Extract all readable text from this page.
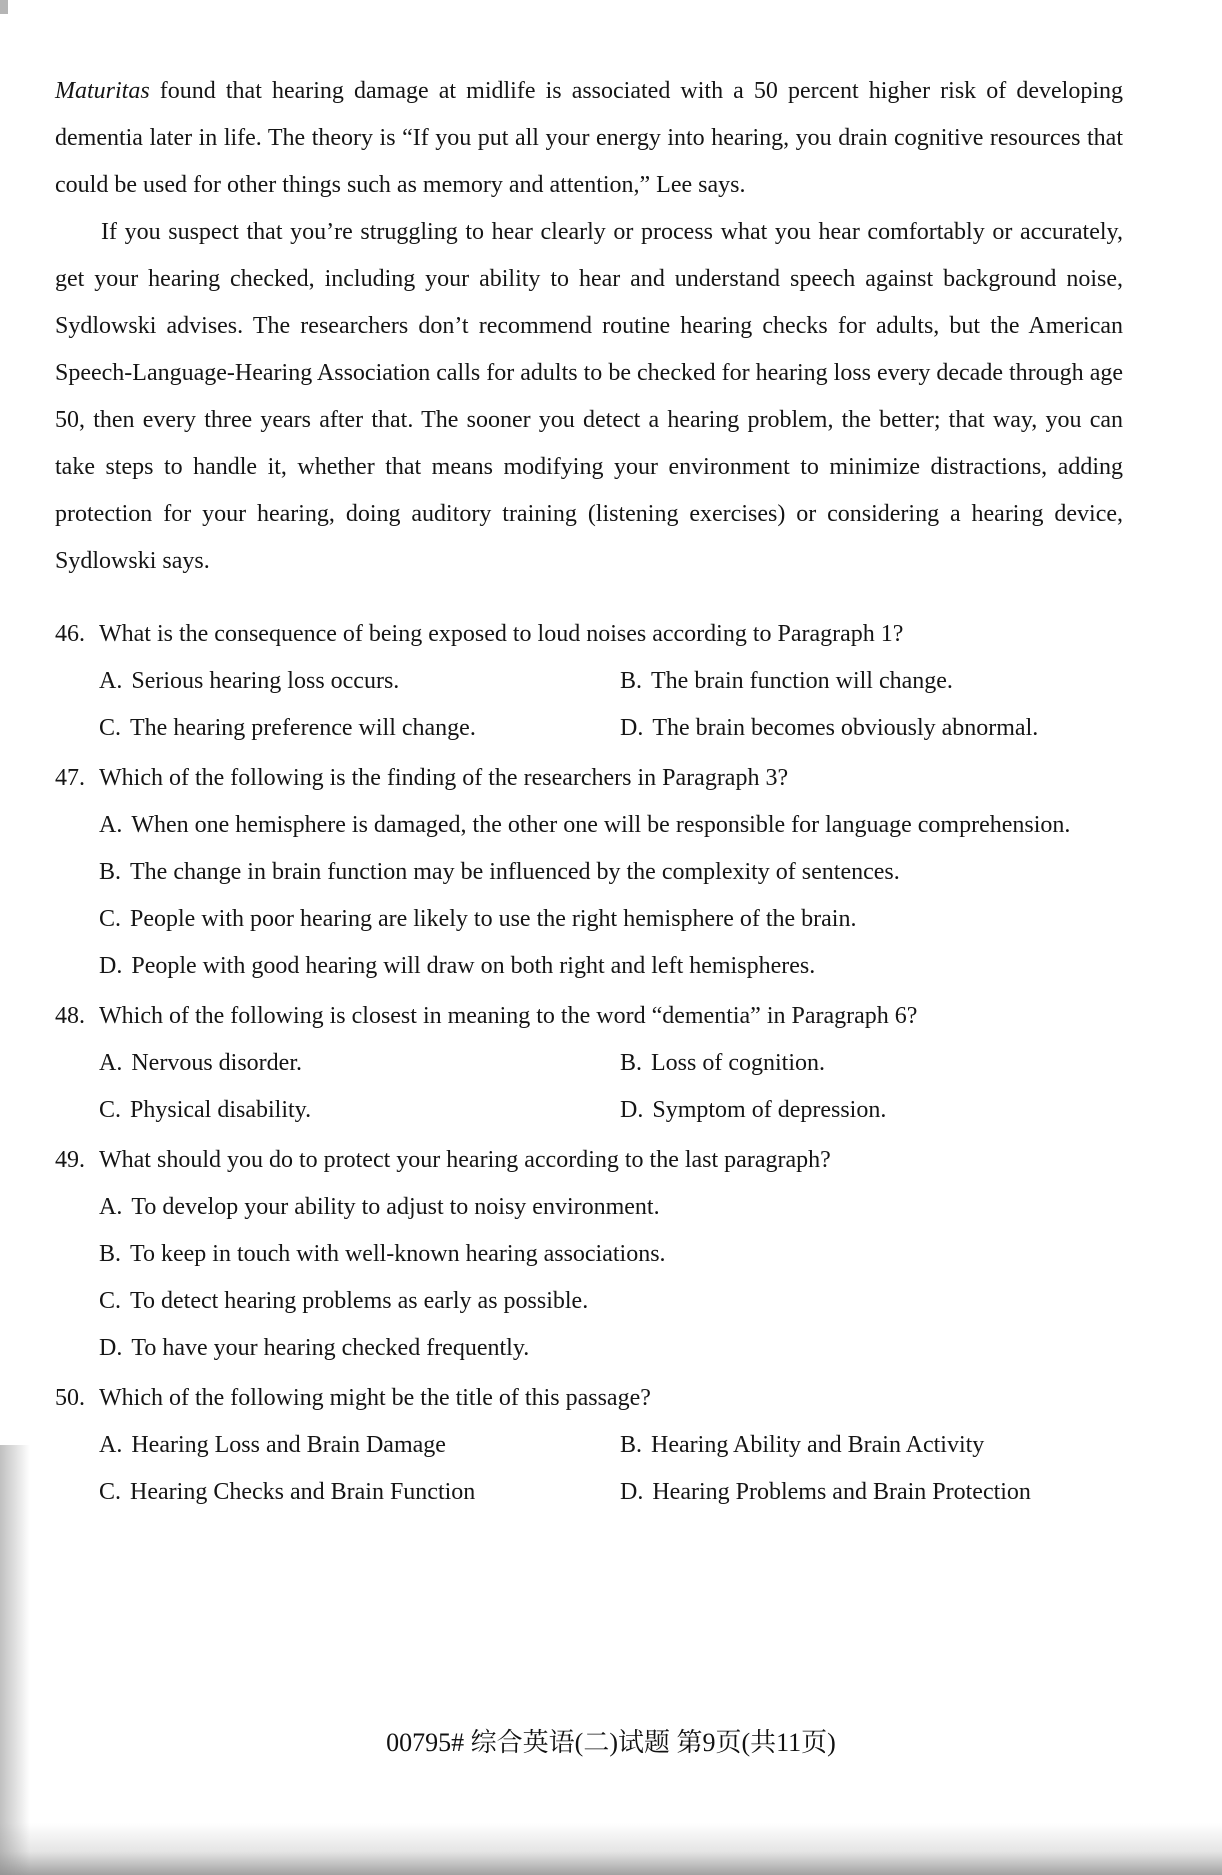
Maturitas found that hearing damage at midlife is associated with a 50 percent higher risk of developing dementia later in life. The theory is “If you put all your energy into hearing, you drain cognitive resources that could be used for other things such as memory and attention,” Lee says.

If you suspect that you’re struggling to hear clearly or process what you hear comfortably or accurately, get your hearing checked, including your ability to hear and understand speech against background noise, Sydlowski advises. The researchers don’t recommend routine hearing checks for adults, but the American Speech-Language-Hearing Association calls for adults to be checked for hearing loss every decade through age 50, then every three years after that. The sooner you detect a hearing problem, the better; that way, you can take steps to handle it, whether that means modifying your environment to minimize distractions, adding protection for your hearing, doing auditory training (listening exercises) or considering a hearing device, Sydlowski says.

46. What is the consequence of being exposed to loud noises according to Paragraph 1?
A. Serious hearing loss occurs.	B. The brain function will change.
C. The hearing preference will change.	D. The brain becomes obviously abnormal.
47. Which of the following is the finding of the researchers in Paragraph 3?
A. When one hemisphere is damaged, the other one will be responsible for language comprehension.
B. The change in brain function may be influenced by the complexity of sentences.
C. People with poor hearing are likely to use the right hemisphere of the brain.
D. People with good hearing will draw on both right and left hemispheres.
48. Which of the following is closest in meaning to the word “dementia” in Paragraph 6?
A. Nervous disorder.	B. Loss of cognition.
C. Physical disability.	D. Symptom of depression.
49. What should you do to protect your hearing according to the last paragraph?
A. To develop your ability to adjust to noisy environment.
B. To keep in touch with well-known hearing associations.
C. To detect hearing problems as early as possible.
D. To have your hearing checked frequently.
50. Which of the following might be the title of this passage?
A. Hearing Loss and Brain Damage	B. Hearing Ability and Brain Activity
C. Hearing Checks and Brain Function	D. Hearing Problems and Brain Protection
00795# 综合英语(二)试题 第9页(共11页)
